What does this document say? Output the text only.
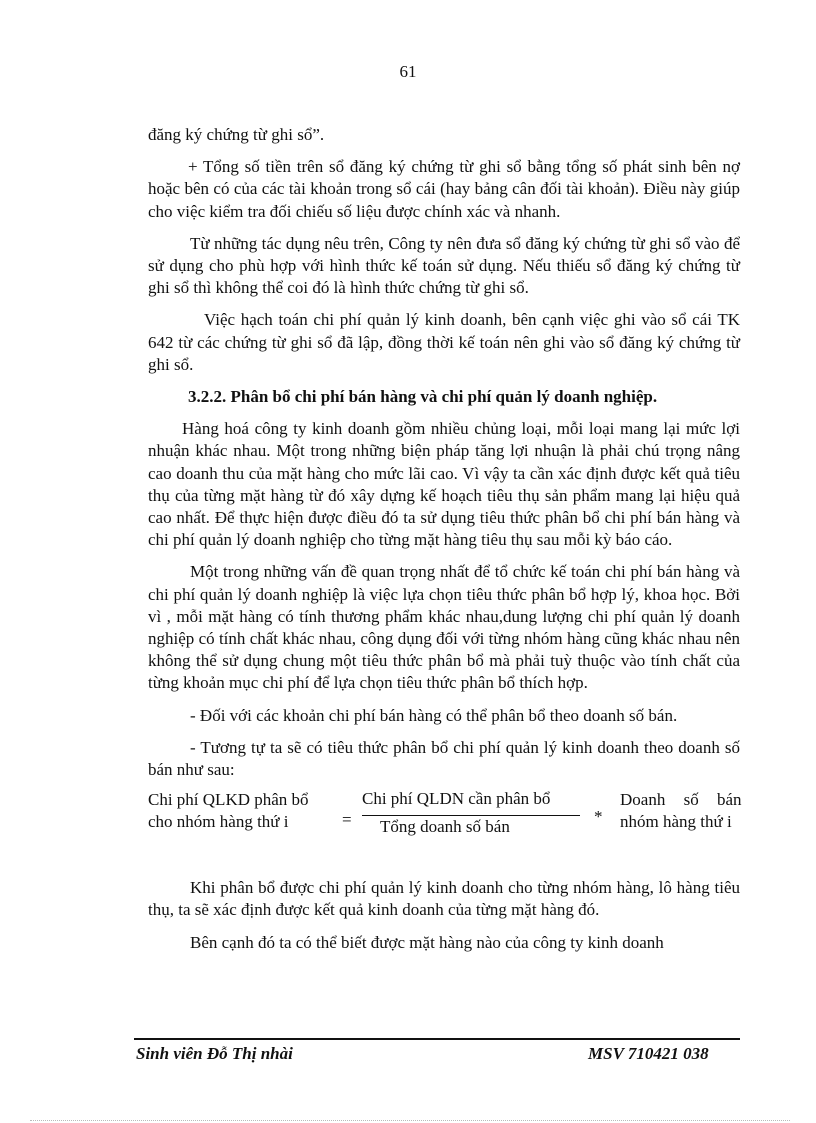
61

đăng ký chứng từ ghi sổ”.

+ Tổng số tiền trên sổ đăng ký chứng từ ghi sổ bằng tổng số phát sinh bên nợ hoặc bên có của các tài khoản trong sổ cái (hay bảng cân đối tài khoản). Điều này giúp cho việc kiểm tra đối chiếu số liệu được chính xác và nhanh.

Từ những tác dụng nêu trên, Công ty nên đưa sổ đăng ký chứng từ ghi sổ vào để sử dụng cho phù hợp với hình thức kế toán sử dụng. Nếu thiếu sổ đăng ký chứng từ ghi sổ thì không thể coi đó là hình thức chứng từ ghi sổ.

Việc hạch toán chi phí quản lý kinh doanh, bên cạnh việc ghi vào sổ cái TK 642 từ các chứng từ ghi sổ đã lập, đồng thời kế toán nên ghi vào sổ đăng ký chứng từ ghi sổ.

3.2.2. Phân bổ chi phí bán hàng và chi phí quản lý doanh nghiệp.

Hàng hoá công ty kinh doanh gồm nhiều chủng loại, mỗi loại mang lại mức lợi nhuận khác nhau. Một trong những biện pháp tăng lợi nhuận là phải chú trọng nâng cao doanh thu của mặt hàng cho mức lãi cao. Vì vậy ta cần xác định được kết quả tiêu thụ của từng mặt hàng từ đó xây dựng kế hoạch tiêu thụ sản phẩm mang lại hiệu quả cao nhất. Để thực hiện được điều đó ta sử dụng tiêu thức phân bổ chi phí bán hàng và chi phí quản lý doanh nghiệp cho từng mặt hàng tiêu thụ sau mỗi kỳ báo cáo.

Một trong những vấn đề quan trọng nhất để tổ chức kế toán chi phí bán hàng và chi phí quản lý doanh nghiệp là việc lựa chọn tiêu thức phân bổ hợp lý, khoa học. Bởi vì , mỗi mặt hàng có tính thương phẩm khác nhau,dung lượng chi phí quản lý doanh nghiệp có tính chất khác nhau, công dụng đối với từng nhóm hàng cũng khác nhau nên không thể sử dụng chung một tiêu thức phân bổ mà phải tuỳ thuộc vào tính chất của từng khoản mục chi phí để lựa chọn tiêu thức phân bổ thích hợp.

- Đối với các khoản chi phí bán hàng có thể phân bổ theo doanh số bán.

- Tương tự ta sẽ có tiêu thức phân bổ chi phí quản lý kinh doanh theo doanh số bán như sau:

Chi phí QLKD phân bổ
cho nhóm hàng thứ i	=
Chi phí QLDN cần phân bổ
Tổng doanh số bán
*
Doanh số bán
nhóm hàng thứ i

Khi phân bổ được chi phí quản lý kinh doanh cho từng nhóm hàng, lô hàng tiêu thụ, ta sẽ xác định được kết quả kinh doanh của từng mặt hàng đó.

Bên cạnh đó ta có thể biết được mặt hàng nào của công ty kinh doanh

Sinh viên Đỗ Thị nhài	MSV 710421 038
